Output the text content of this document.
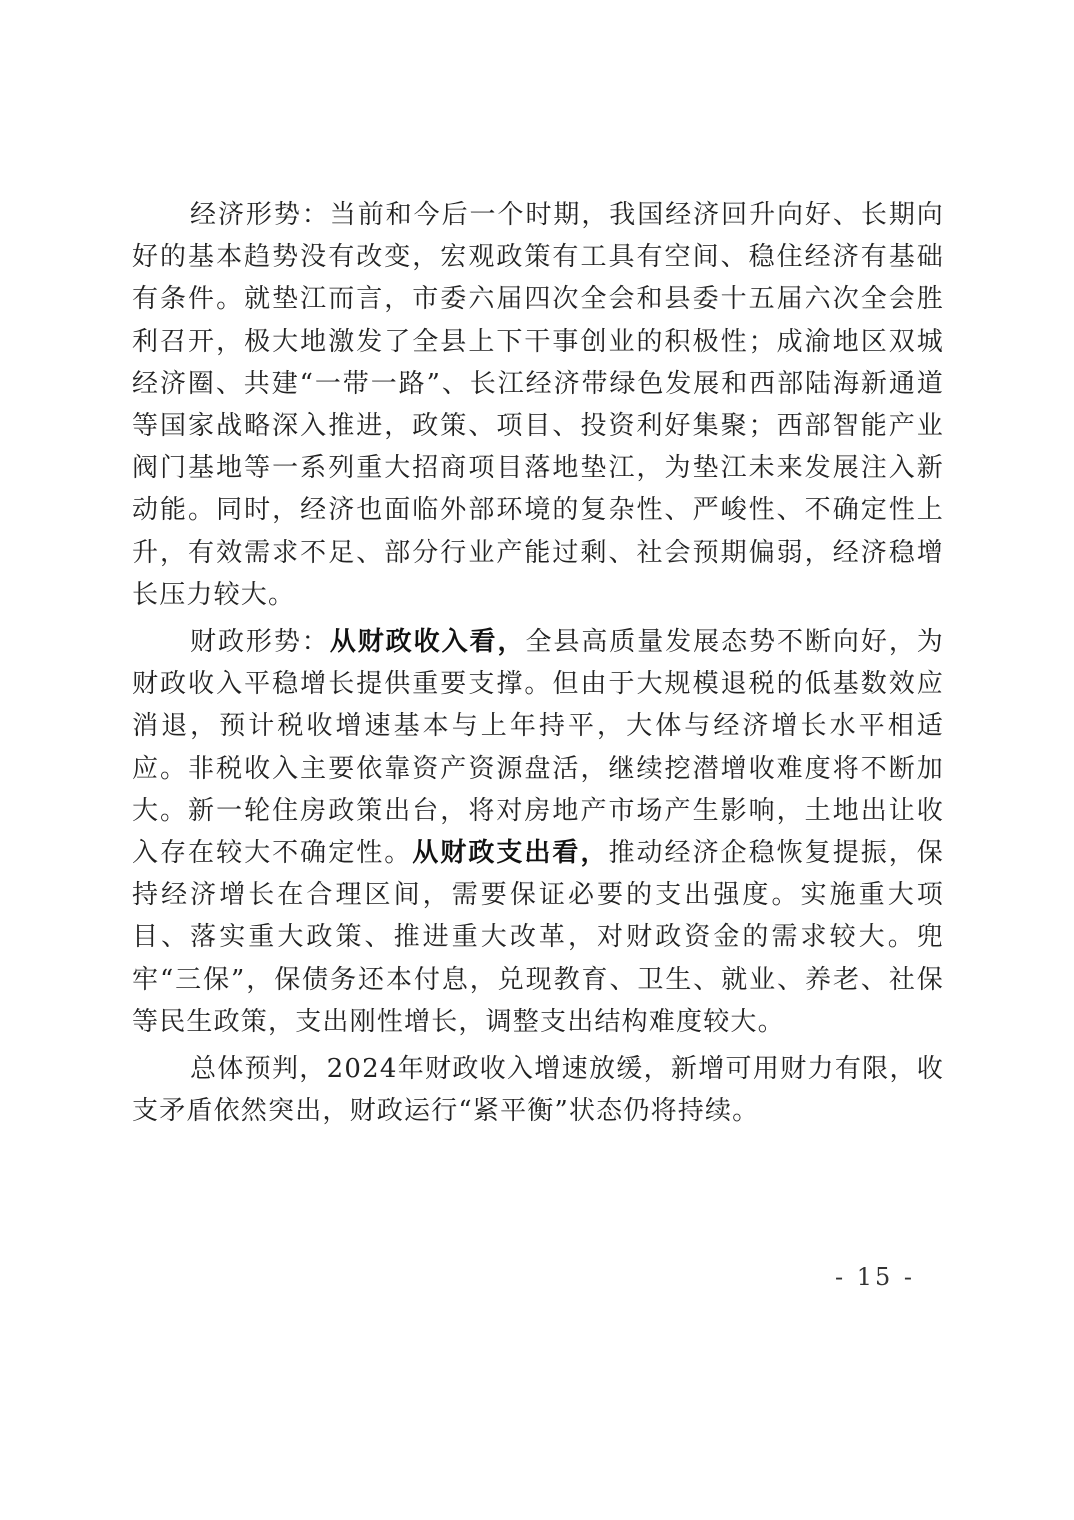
经济形势：当前和今后一个时期，我国经济回升向好、长期向好的基本趋势没有改变，宏观政策有工具有空间、稳住经济有基础有条件。就垫江而言，市委六届四次全会和县委十五届六次全会胜利召开，极大地激发了全县上下干事创业的积极性；成渝地区双城经济圈、共建“一带一路”、长江经济带绿色发展和西部陆海新通道等国家战略深入推进，政策、项目、投资利好集聚；西部智能产业阀门基地等一系列重大招商项目落地垫江，为垫江未来发展注入新动能。同时，经济也面临外部环境的复杂性、严峻性、不确定性上升，有效需求不足、部分行业产能过剩、社会预期偏弱，经济稳增长压力较大。

财政形势：从财政收入看，全县高质量发展态势不断向好，为财政收入平稳增长提供重要支撑。但由于大规模退税的低基数效应消退，预计税收增速基本与上年持平，大体与经济增长水平相适应。非税收入主要依靠资产资源盘活，继续挖潜增收难度将不断加大。新一轮住房政策出台，将对房地产市场产生影响，土地出让收入存在较大不确定性。从财政支出看，推动经济企稳恢复提振，保持经济增长在合理区间，需要保证必要的支出强度。实施重大项目、落实重大政策、推进重大改革，对财政资金的需求较大。兜牢“三保”，保债务还本付息，兑现教育、卫生、就业、养老、社保等民生政策，支出刚性增长，调整支出结构难度较大。

总体预判，2024年财政收入增速放缓，新增可用财力有限，收支矛盾依然突出，财政运行“紧平衡”状态仍将持续。

- 15 -
